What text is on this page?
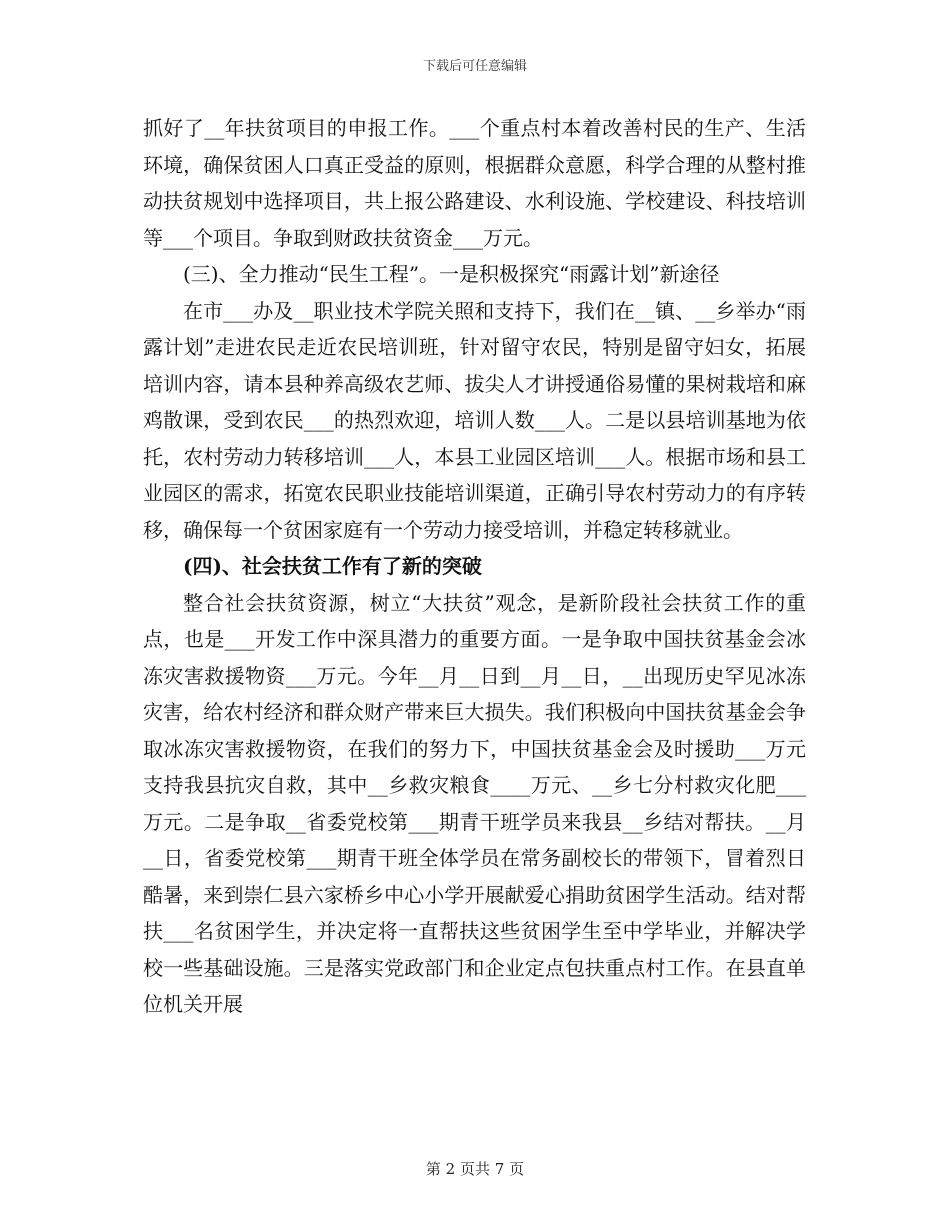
下载后可任意编辑

抓好了__年扶贫项目的申报工作。___个重点村本着改善村民的生产、生活环境，确保贫困人口真正受益的原则，根据群众意愿，科学合理的从整村推动扶贫规划中选择项目，共上报公路建设、水利设施、学校建设、科技培训等___个项目。争取到财政扶贫资金___万元。

(三)、全力推动“民生工程”。一是积极探究“雨露计划”新途径

在市___办及__职业技术学院关照和支持下，我们在__镇、__乡举办“雨露计划”走进农民走近农民培训班，针对留守农民，特别是留守妇女，拓展培训内容，请本县种养高级农艺师、拔尖人才讲授通俗易懂的果树栽培和麻鸡散课，受到农民___的热烈欢迎，培训人数___人。二是以县培训基地为依托，农村劳动力转移培训___人，本县工业园区培训___人。根据市场和县工业园区的需求，拓宽农民职业技能培训渠道，正确引导农村劳动力的有序转移，确保每一个贫困家庭有一个劳动力接受培训，并稳定转移就业。

(四)、社会扶贫工作有了新的突破

整合社会扶贫资源，树立“大扶贫”观念，是新阶段社会扶贫工作的重点，也是___开发工作中深具潜力的重要方面。一是争取中国扶贫基金会冰冻灾害救援物资___万元。今年__月__日到__月__日，__出现历史罕见冰冻灾害，给农村经济和群众财产带来巨大损失。我们积极向中国扶贫基金会争取冰冻灾害救援物资，在我们的努力下，中国扶贫基金会及时援助___万元支持我县抗灾自救，其中__乡救灾粮食____万元、__乡七分村救灾化肥___万元。二是争取__省委党校第___期青干班学员来我县__乡结对帮扶。__月__日，省委党校第___期青干班全体学员在常务副校长的带领下，冒着烈日酷暑，来到崇仁县六家桥乡中心小学开展献爱心捐助贫困学生活动。结对帮扶___名贫困学生，并决定将一直帮扶这些贫困学生至中学毕业，并解决学校一些基础设施。三是落实党政部门和企业定点包扶重点村工作。在县直单位机关开展

第 2 页共 7 页
